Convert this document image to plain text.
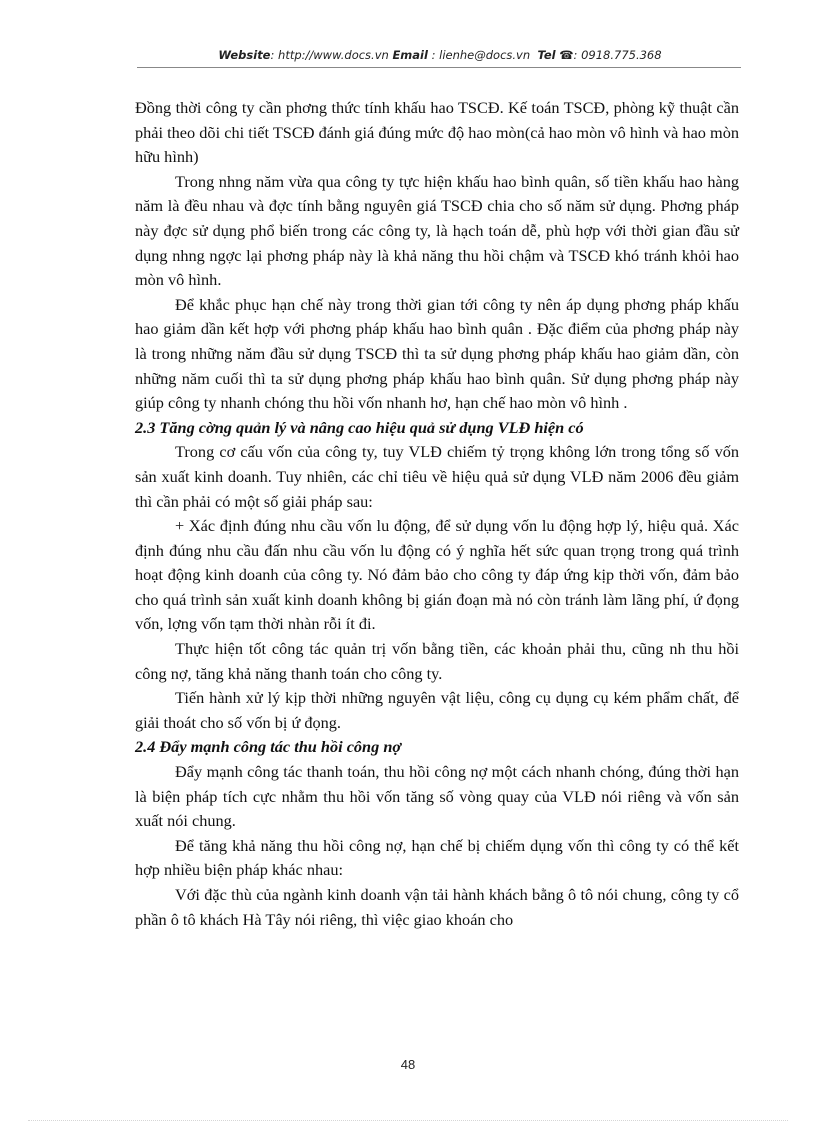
Website: http://www.docs.vn Email : lienhe@docs.vn Tel ☎: 0918.775.368

Đồng thời công ty cần phơng thức tính khấu hao TSCĐ. Kế toán TSCĐ, phòng kỹ thuật cần phải theo dõi chi tiết TSCĐ đánh giá đúng mức độ hao mòn(cả hao mòn vô hình và hao mòn hữu hình)

Trong nhng năm vừa qua công ty tực hiện khấu hao bình quân, số tiền khấu hao hàng năm là đều nhau và đợc tính bằng nguyên giá TSCĐ chia cho số năm sử dụng. Phơng pháp này đợc sử dụng phổ biến trong các công ty, là hạch toán dễ, phù hợp với thời gian đầu sử dụng nhng ngợc lại phơng pháp này là khả năng thu hồi chậm và TSCĐ khó tránh khỏi hao mòn vô hình.

Để khắc phục hạn chế này trong thời gian tới công ty nên áp dụng phơng pháp khấu hao giảm dần kết hợp với phơng pháp khấu hao bình quân . Đặc điểm của phơng pháp này là trong những năm đầu sử dụng TSCĐ thì ta sử dụng phơng pháp khấu hao giảm dần, còn những năm cuối thì ta sử dụng phơng pháp khấu hao bình quân. Sử dụng phơng pháp này giúp công ty nhanh chóng thu hồi vốn nhanh hơ, hạn chế hao mòn vô hình .

2.3 Tăng cờng quản lý và nâng cao hiệu quả sử dụng VLĐ hiện có

Trong cơ cấu vốn của công ty, tuy VLĐ chiếm tỷ trọng không lớn trong tổng số vốn sản xuất kinh doanh. Tuy nhiên, các chỉ tiêu về hiệu quả sử dụng VLĐ năm 2006 đều giảm thì cần phải có một số giải pháp sau:

+ Xác định đúng nhu cầu vốn lu động, để sử dụng vốn lu động hợp lý, hiệu quả. Xác định đúng nhu cầu đấn nhu cầu vốn lu động có ý nghĩa hết sức quan trọng trong quá trình hoạt động kinh doanh của công ty. Nó đảm bảo cho công ty đáp ứng kịp thời vốn, đảm bảo cho quá trình sản xuất kinh doanh không bị gián đoạn mà nó còn tránh làm lãng phí, ứ đọng vốn, lợng vốn tạm thời nhàn rỗi ít đi.

Thực hiện tốt công tác quản trị vốn bằng tiền, các khoản phải thu, cũng nh thu hồi công nợ, tăng khả năng thanh toán cho công ty.

Tiến hành xử lý kịp thời những nguyên vật liệu, công cụ dụng cụ kém phẩm chất, để giải thoát cho số vốn bị ứ đọng.

2.4 Đẩy mạnh công tác thu hồi công nợ

Đẩy mạnh công tác thanh toán, thu hồi công nợ một cách nhanh chóng, đúng thời hạn là biện pháp tích cực nhằm thu hồi vốn tăng số vòng quay của VLĐ nói riêng và vốn sản xuất nói chung.

Để tăng khả năng thu hồi công nợ, hạn chế bị chiếm dụng vốn thì công ty có thể kết hợp nhiều biện pháp khác nhau:

Với đặc thù của ngành kinh doanh vận tải hành khách bằng ô tô nói chung, công ty cổ phần ô tô khách Hà Tây nói riêng, thì việc giao khoán cho

48
